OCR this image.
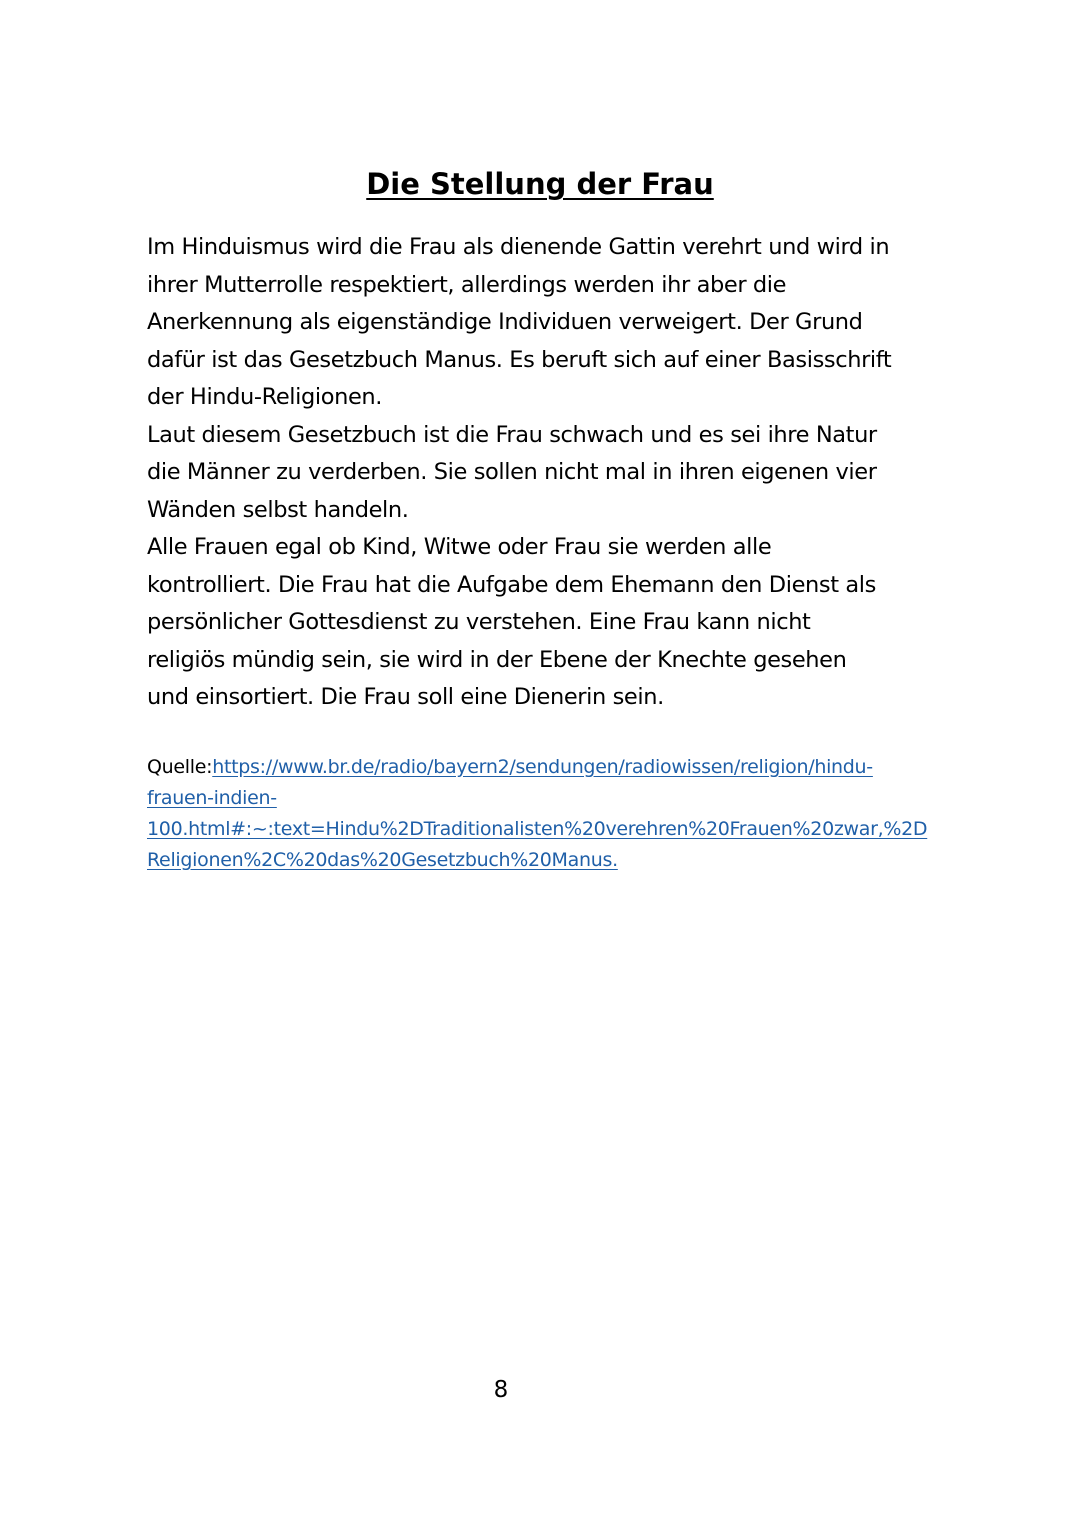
Die Stellung der Frau
Im Hinduismus wird die Frau als dienende Gattin verehrt und wird in
ihrer Mutterrolle respektiert, allerdings werden ihr aber die
Anerkennung als eigenständige Individuen verweigert. Der Grund
dafür ist das Gesetzbuch Manus. Es beruft sich auf einer Basisschrift
der Hindu-Religionen.
Laut diesem Gesetzbuch ist die Frau schwach und es sei ihre Natur
die Männer zu verderben. Sie sollen nicht mal in ihren eigenen vier
Wänden selbst handeln.
Alle Frauen egal ob Kind, Witwe oder Frau sie werden alle
kontrolliert. Die Frau hat die Aufgabe dem Ehemann den Dienst als
persönlicher Gottesdienst zu verstehen. Eine Frau kann nicht
religiös mündig sein, sie wird in der Ebene der Knechte gesehen
und einsortiert. Die Frau soll eine Dienerin sein.
Quelle:https://www.br.de/radio/bayern2/sendungen/radiowissen/religion/hindu-
frauen-indien-
100.html#:~:text=Hindu%2DTraditionalisten%20verehren%20Frauen%20zwar,%2D
Religionen%2C%20das%20Gesetzbuch%20Manus.
8
